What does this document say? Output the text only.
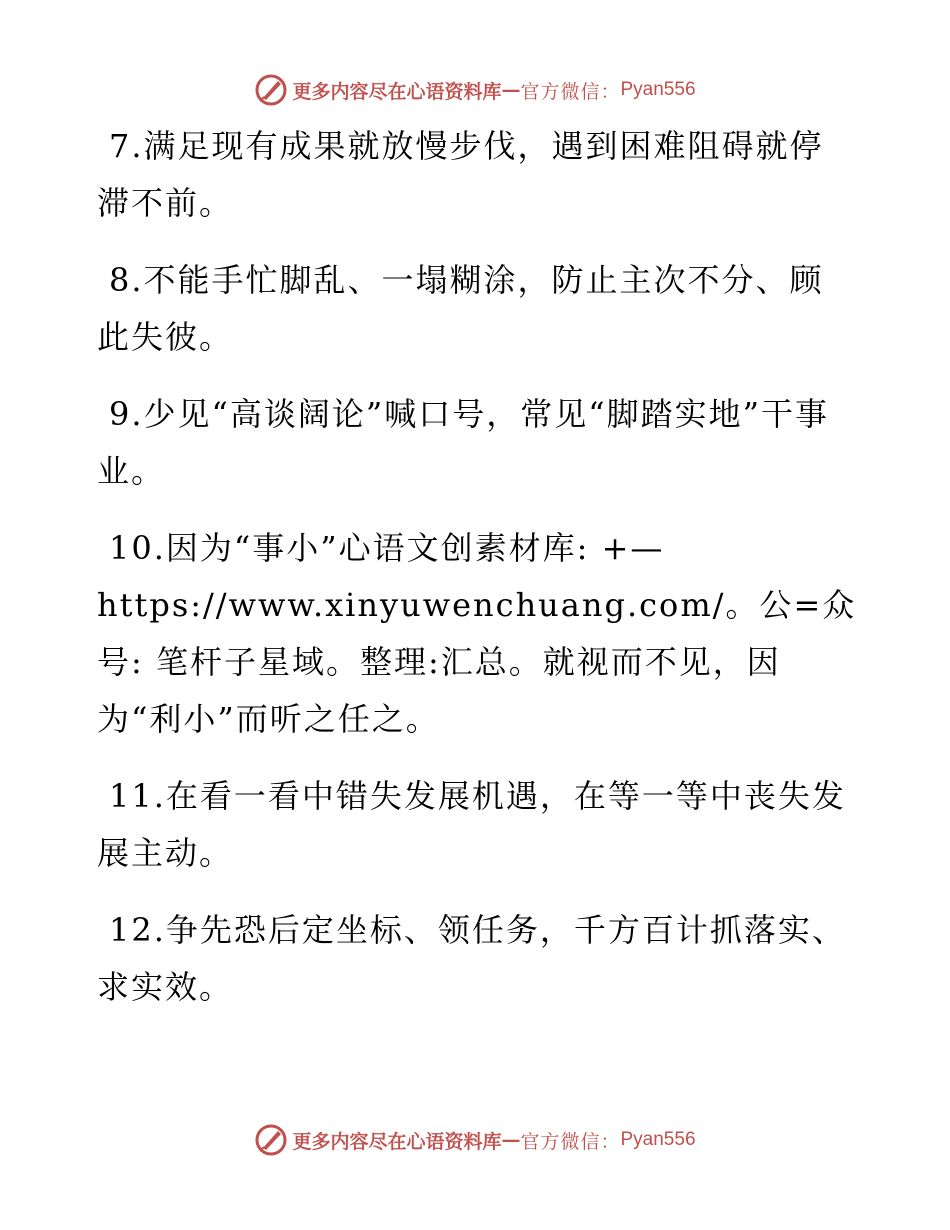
更多内容尽在心语资料库 — 官方微信： Pyan556

7.满足现有成果就放慢步伐，遇到困难阻碍就停滞不前。

8.不能手忙脚乱、一塌糊涂，防止主次不分、顾此失彼。

9.少见“高谈阔论”喊口号，常见“脚踏实地”干事业。

10.因为“事小”心语文创素材库: +—https://www.xinyuwenchuang.com/。公=众号: 笔杆子星域。整理:汇总。就视而不见，因为“利小”而听之任之。

11.在看一看中错失发展机遇，在等一等中丧失发展主动。

12.争先恐后定坐标、领任务，千方百计抓落实、求实效。

更多内容尽在心语资料库 — 官方微信： Pyan556
